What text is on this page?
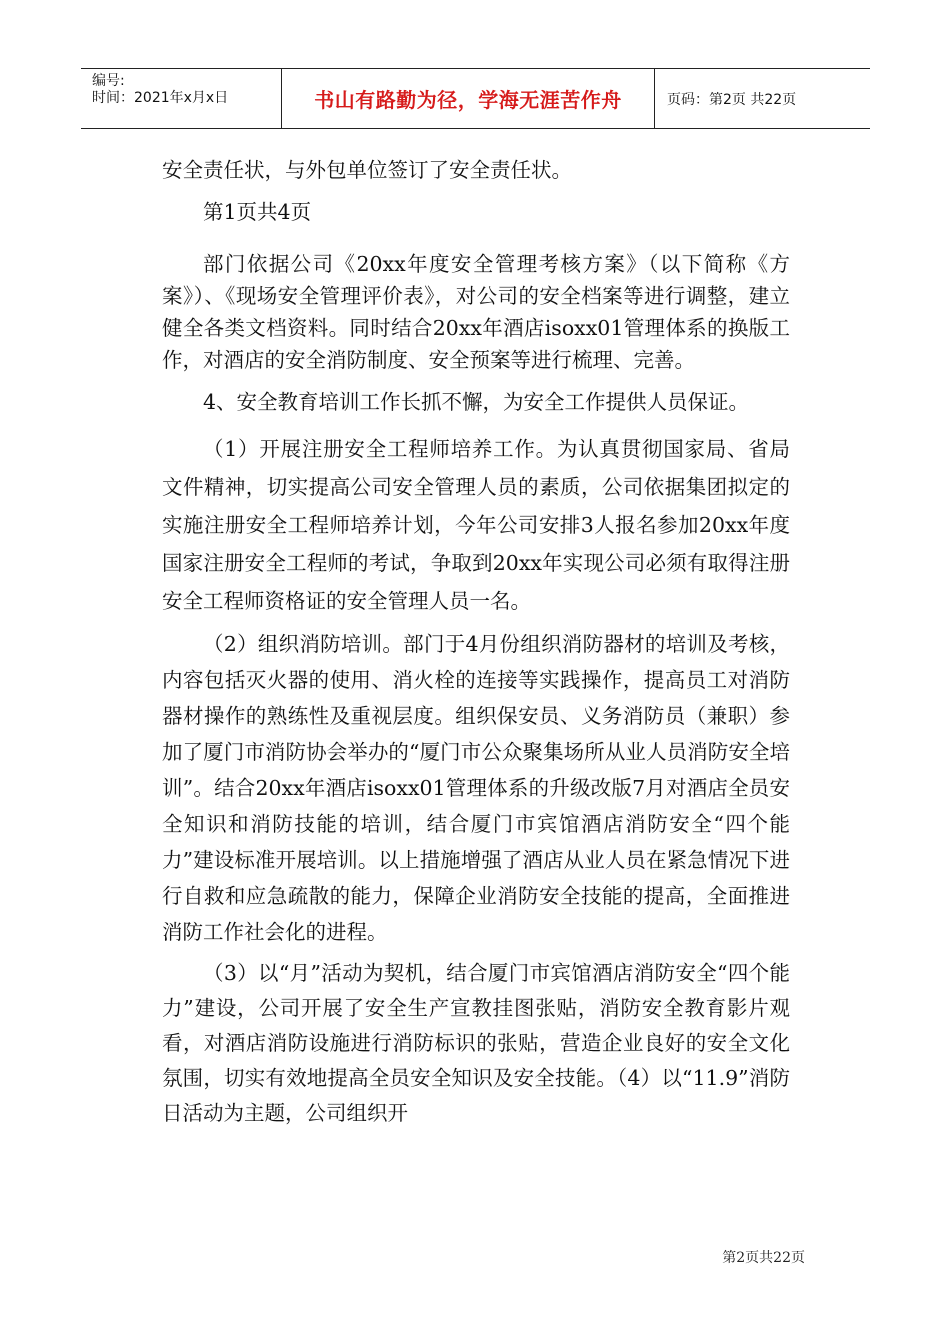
编号:
时间：2021年x月x日	书山有路勤为径，学海无涯苦作舟	页码：第2页 共22页

安全责任状，与外包单位签订了安全责任状。

第1页共4页

部门依据公司《20xx年度安全管理考核方案》（以下简称《方案》）、《现场安全管理评价表》，对公司的安全档案等进行调整，建立健全各类文档资料。同时结合20xx年酒店isoxx01管理体系的换版工作，对酒店的安全消防制度、安全预案等进行梳理、完善。

4、安全教育培训工作长抓不懈，为安全工作提供人员保证。

（1）开展注册安全工程师培养工作。为认真贯彻国家局、省局文件精神，切实提高公司安全管理人员的素质，公司依据集团拟定的实施注册安全工程师培养计划，今年公司安排3人报名参加20xx年度国家注册安全工程师的考试，争取到20xx年实现公司必须有取得注册安全工程师资格证的安全管理人员一名。

（2）组织消防培训。部门于4月份组织消防器材的培训及考核，内容包括灭火器的使用、消火栓的连接等实践操作，提高员工对消防器材操作的熟练性及重视层度。组织保安员、义务消防员（兼职）参加了厦门市消防协会举办的“厦门市公众聚集场所从业人员消防安全培训”。结合20xx年酒店isoxx01管理体系的升级改版7月对酒店全员安全知识和消防技能的培训，结合厦门市宾馆酒店消防安全“四个能力”建设标准开展培训。以上措施增强了酒店从业人员在紧急情况下进行自救和应急疏散的能力，保障企业消防安全技能的提高，全面推进消防工作社会化的进程。

（3）以“月”活动为契机，结合厦门市宾馆酒店消防安全“四个能力”建设，公司开展了安全生产宣教挂图张贴，消防安全教育影片观看，对酒店消防设施进行消防标识的张贴，营造企业良好的安全文化氛围，切实有效地提高全员安全知识及安全技能。（4）以“11.9”消防日活动为主题，公司组织开

第2页共22页
